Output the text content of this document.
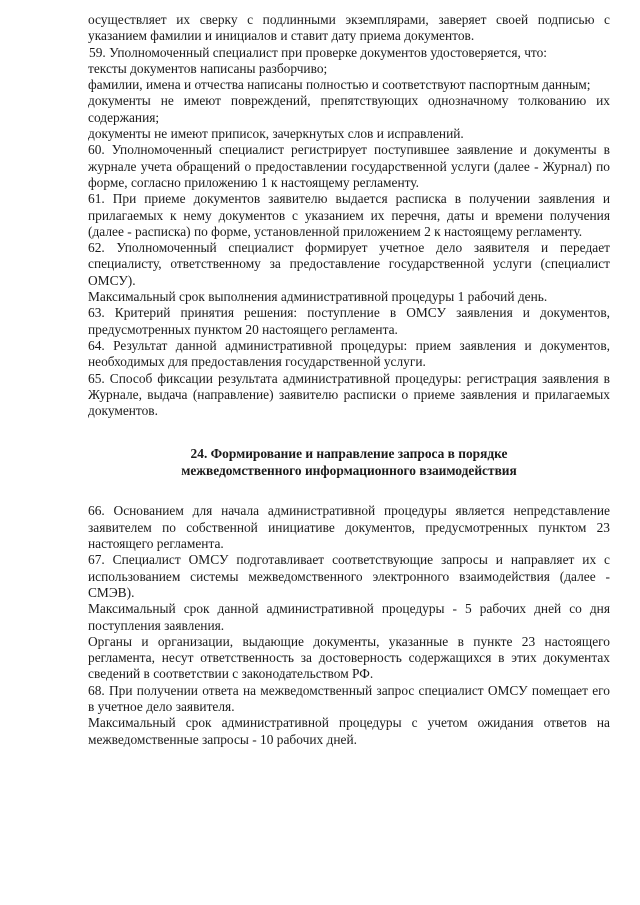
осуществляет их сверку с подлинными экземплярами, заверяет своей подписью с указанием фамилии и инициалов и ставит дату приема документов.

59. Уполномоченный специалист при проверке документов удостоверяется, что:

тексты документов написаны разборчиво;

фамилии, имена и отчества написаны полностью и соответствуют паспортным данным;

документы не имеют повреждений, препятствующих однозначному толкованию их содержания;

документы не имеют приписок, зачеркнутых слов и исправлений.

60. Уполномоченный специалист регистрирует поступившее заявление и документы в журнале учета обращений о предоставлении государственной услуги (далее - Журнал) по форме, согласно приложению 1 к настоящему регламенту.

61. При приеме документов заявителю выдается расписка в получении заявления и прилагаемых к нему документов с указанием их перечня, даты и времени получения (далее - расписка) по форме, установленной приложением 2 к настоящему регламенту.

62. Уполномоченный специалист формирует учетное дело заявителя и передает специалисту, ответственному за предоставление государственной услуги (специалист ОМСУ).

Максимальный срок выполнения административной процедуры 1 рабочий день.

63. Критерий принятия решения: поступление в ОМСУ заявления и документов, предусмотренных пунктом 20 настоящего регламента.

64. Результат данной административной процедуры: прием заявления и документов, необходимых для предоставления государственной услуги.

65. Способ фиксации результата административной процедуры: регистрация заявления в Журнале, выдача (направление) заявителю расписки о приеме заявления и прилагаемых документов.

24. Формирование и направление запроса в порядке
межведомственного информационного взаимодействия

66. Основанием для начала административной процедуры является непредставление заявителем по собственной инициативе документов, предусмотренных пунктом 23 настоящего регламента.

67. Специалист ОМСУ подготавливает соответствующие запросы и направляет их с использованием системы межведомственного электронного взаимодействия (далее - СМЭВ).

Максимальный срок данной административной процедуры - 5 рабочих дней со дня поступления заявления.

Органы и организации, выдающие документы, указанные в пункте 23 настоящего регламента, несут ответственность за достоверность содержащихся в этих документах сведений в соответствии с законодательством РФ.

68. При получении ответа на межведомственный запрос специалист ОМСУ помещает его в учетное дело заявителя.

Максимальный срок административной процедуры с учетом ожидания ответов на межведомственные запросы - 10 рабочих дней.
